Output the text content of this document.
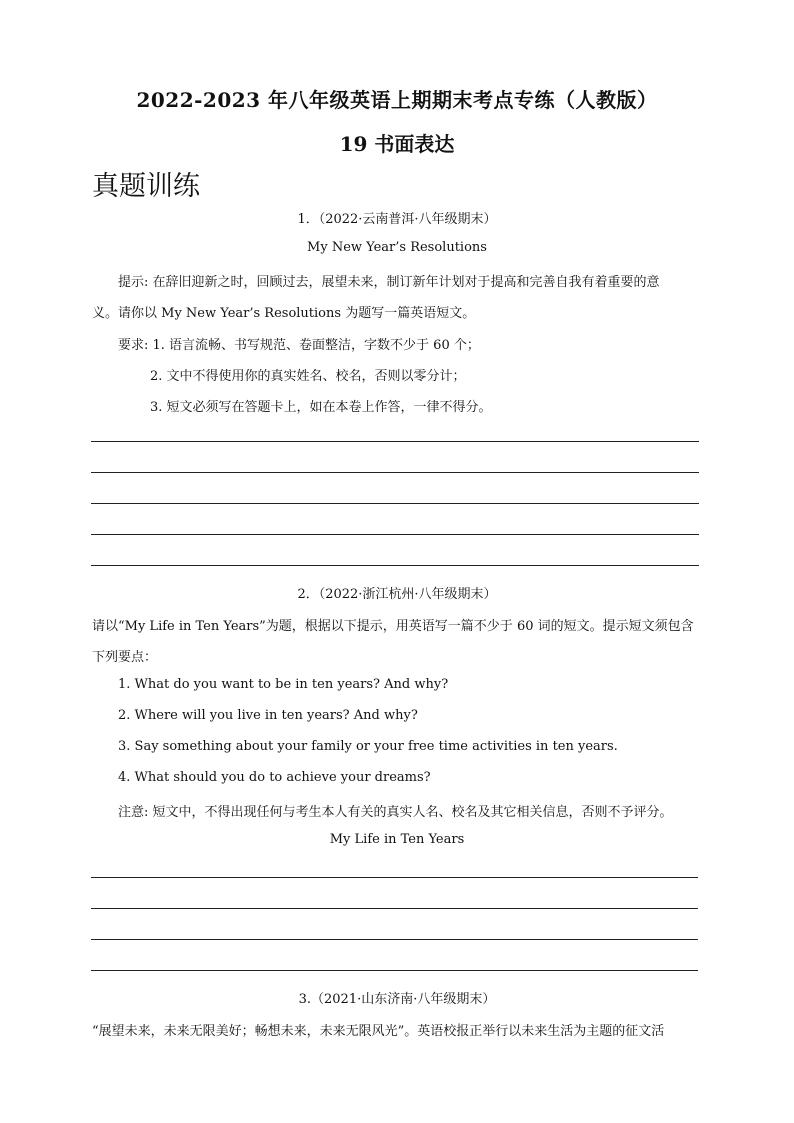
2022-2023 年八年级英语上期期末考点专练（人教版）
19 书面表达
真题训练
1．（2022·云南普洱·八年级期末）
My New Year’s Resolutions
提示: 在辞旧迎新之时，回顾过去，展望未来，制订新年计划对于提高和完善自我有着重要的意
义。请你以 My New Year’s Resolutions 为题写一篇英语短文。
要求: 1. 语言流畅、书写规范、卷面整洁，字数不少于 60 个；
2. 文中不得使用你的真实姓名、校名，否则以零分计；
3. 短文必须写在答题卡上，如在本卷上作答，一律不得分。
2．（2022·浙江杭州·八年级期末）
请以“My Life in Ten Years”为题，根据以下提示，用英语写一篇不少于 60 词的短文。提示短文须包含
下列要点：
1. What do you want to be in ten years? And why?
2. Where will you live in ten years? And why?
3. Say something about your family or your free time activities in ten years.
4. What should you do to achieve your dreams?
注意: 短文中，不得出现任何与考生本人有关的真实人名、校名及其它相关信息，否则不予评分。
My Life in Ten Years
3.（2021·山东济南·八年级期末）
“展望未来，未来无限美好；畅想未来，未来无限风光”。英语校报正举行以未来生活为主题的征文活
